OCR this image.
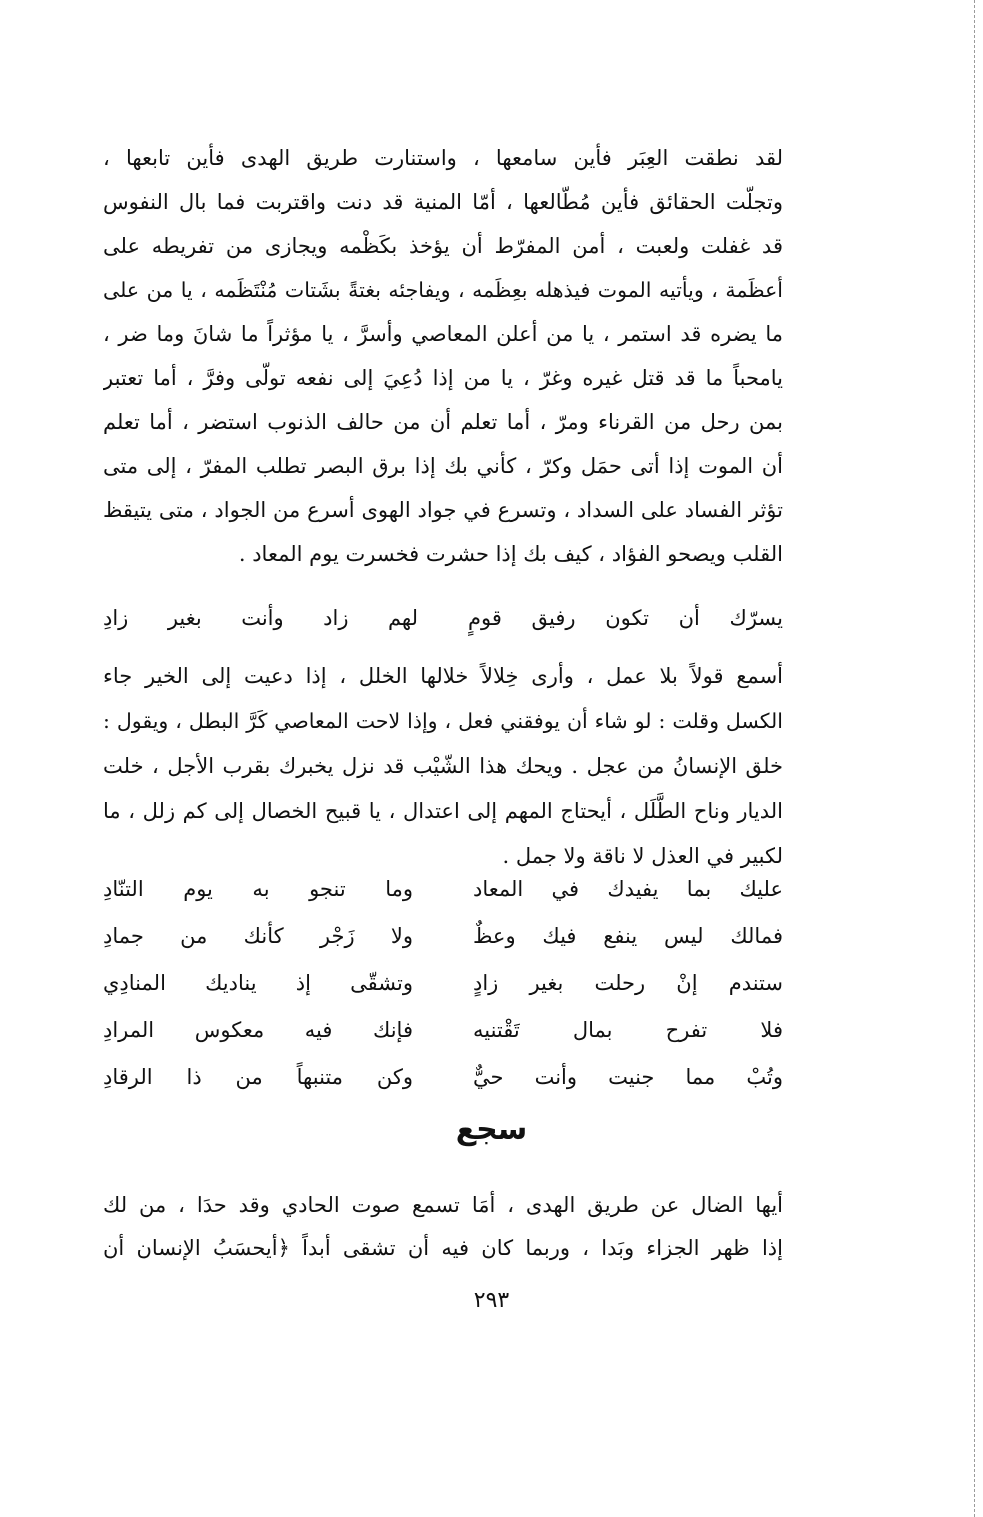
لقد نطقت العِبَر فأين سامعها ، واستنارت طريق الهدى فأين تابعها ،
وتجلّت الحقائق فأين مُطّالعها ، أمّا المنية قد دنت واقتربت فما بال النفوس
قد غفلت ولعبت ، أمن المفرّط أن يؤخذ بكَظْمه ويجازى من تفريطه على
أعظَمة ، ويأتيه الموت فيذهله بعِظَمه ، ويفاجئه بغتةً بشَتات مُنْتَظَمه ، يا من على
ما يضره قد استمر ، يا من أعلن المعاصي وأسرَّ ، يا مؤثراً ما شانَ وما ضر ،
يامحباً ما قد قتل غيره وغرّ ، يا من إذا دُعِيَ إلى نفعه تولّى وفرَّ ، أما تعتبر
بمن رحل من القرناء ومرّ ، أما تعلم أن من حالف الذنوب استضر ، أما تعلم
أن الموت إذا أتى حمَل وكرّ ، كأني بك إذا برق البصر تطلب المفرّ ، إلى متى
تؤثر الفساد على السداد ، وتسرع في جواد الهوى أسرع من الجواد ، متى يتيقظ
القلب ويصحو الفؤاد ، كيف بك إذا حشرت فخسرت يوم المعاد .
يسرّك أن تكون رفيق قومٍ
لهم زاد وأنت بغير زادِ
أسمع قولاً بلا عمل ، وأرى خِلالاً خلالها الخلل ، إذا دعيت إلى الخير جاء
الكسل وقلت : لو شاء أن يوفقني فعل ، وإذا لاحت المعاصي كَرَّ البطل ، ويقول :
خلق الإنسانُ من عجل . ويحك هذا الشّيْب قد نزل يخبرك بقرب الأجل ، خلت
الديار وناح الطَّلَل ، أيحتاج المهم إلى اعتدال ، يا قبيح الخصال إلى كم زلل ، ما
لكبير في العذل لا ناقة ولا جمل .
عليك بما يفيدك في المعاد
وما تنجو به يوم التنّادِ
فمالك ليس ينفع فيك وعظٌ
ولا زَجْر كأنك من جمادِ
ستندم إنْ رحلت بغير زادٍ
وتشقّى إذ يناديك المنادِي
فلا تفرح بمال تَقْتنيه
فإنك فيه معكوس المرادِ
وتُبْ مما جنيت وأنت حيٌّ
وكن متنبهاً من ذا الرقادِ
سجع
أيها الضال عن طريق الهدى ، أمَا تسمع صوت الحادي وقد حدَا ، من لك
إذا ظهر الجزاء وبَدا ، وربما كان فيه أن تشقى أبداً ﴿أيحسَبُ الإنسان أن
٢٩٣
